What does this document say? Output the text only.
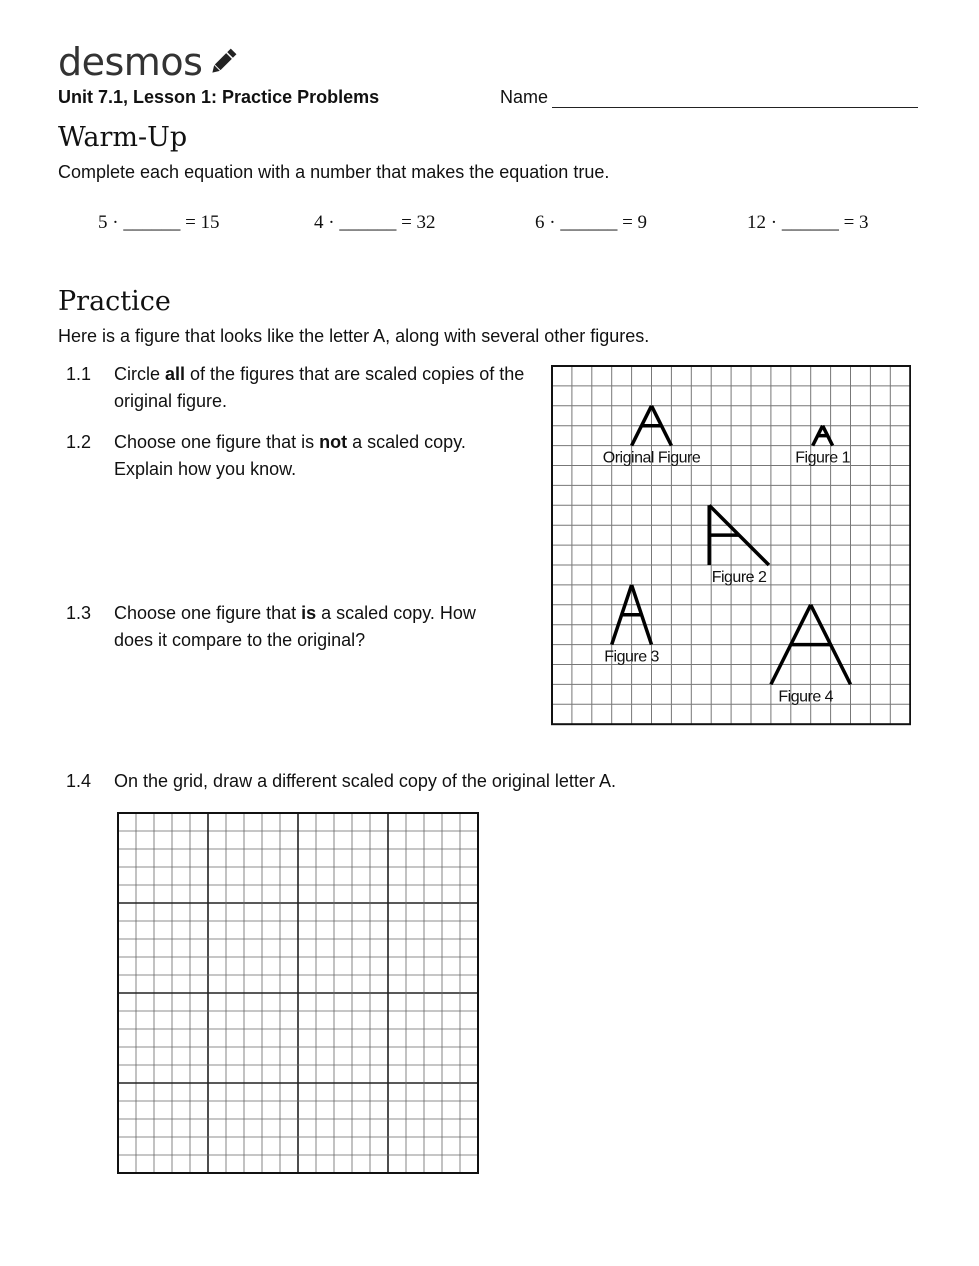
desmos
Unit 7.1, Lesson 1: Practice Problems	Name
Warm-Up
Complete each equation with a number that makes the equation true.
5 · ______ = 15	4 · ______ = 32	6 · ______ = 9	12 · ______ = 3
Practice
Here is a figure that looks like the letter A, along with several other figures.
1.1 Circle all of the figures that are scaled copies of the original figure.
1.2 Choose one figure that is not a scaled copy. Explain how you know.
1.3 Choose one figure that is a scaled copy. How does it compare to the original?
1.4 On the grid, draw a different scaled copy of the original letter A.
Original Figure	Figure 1
Figure 2
Figure 3
Figure 4
